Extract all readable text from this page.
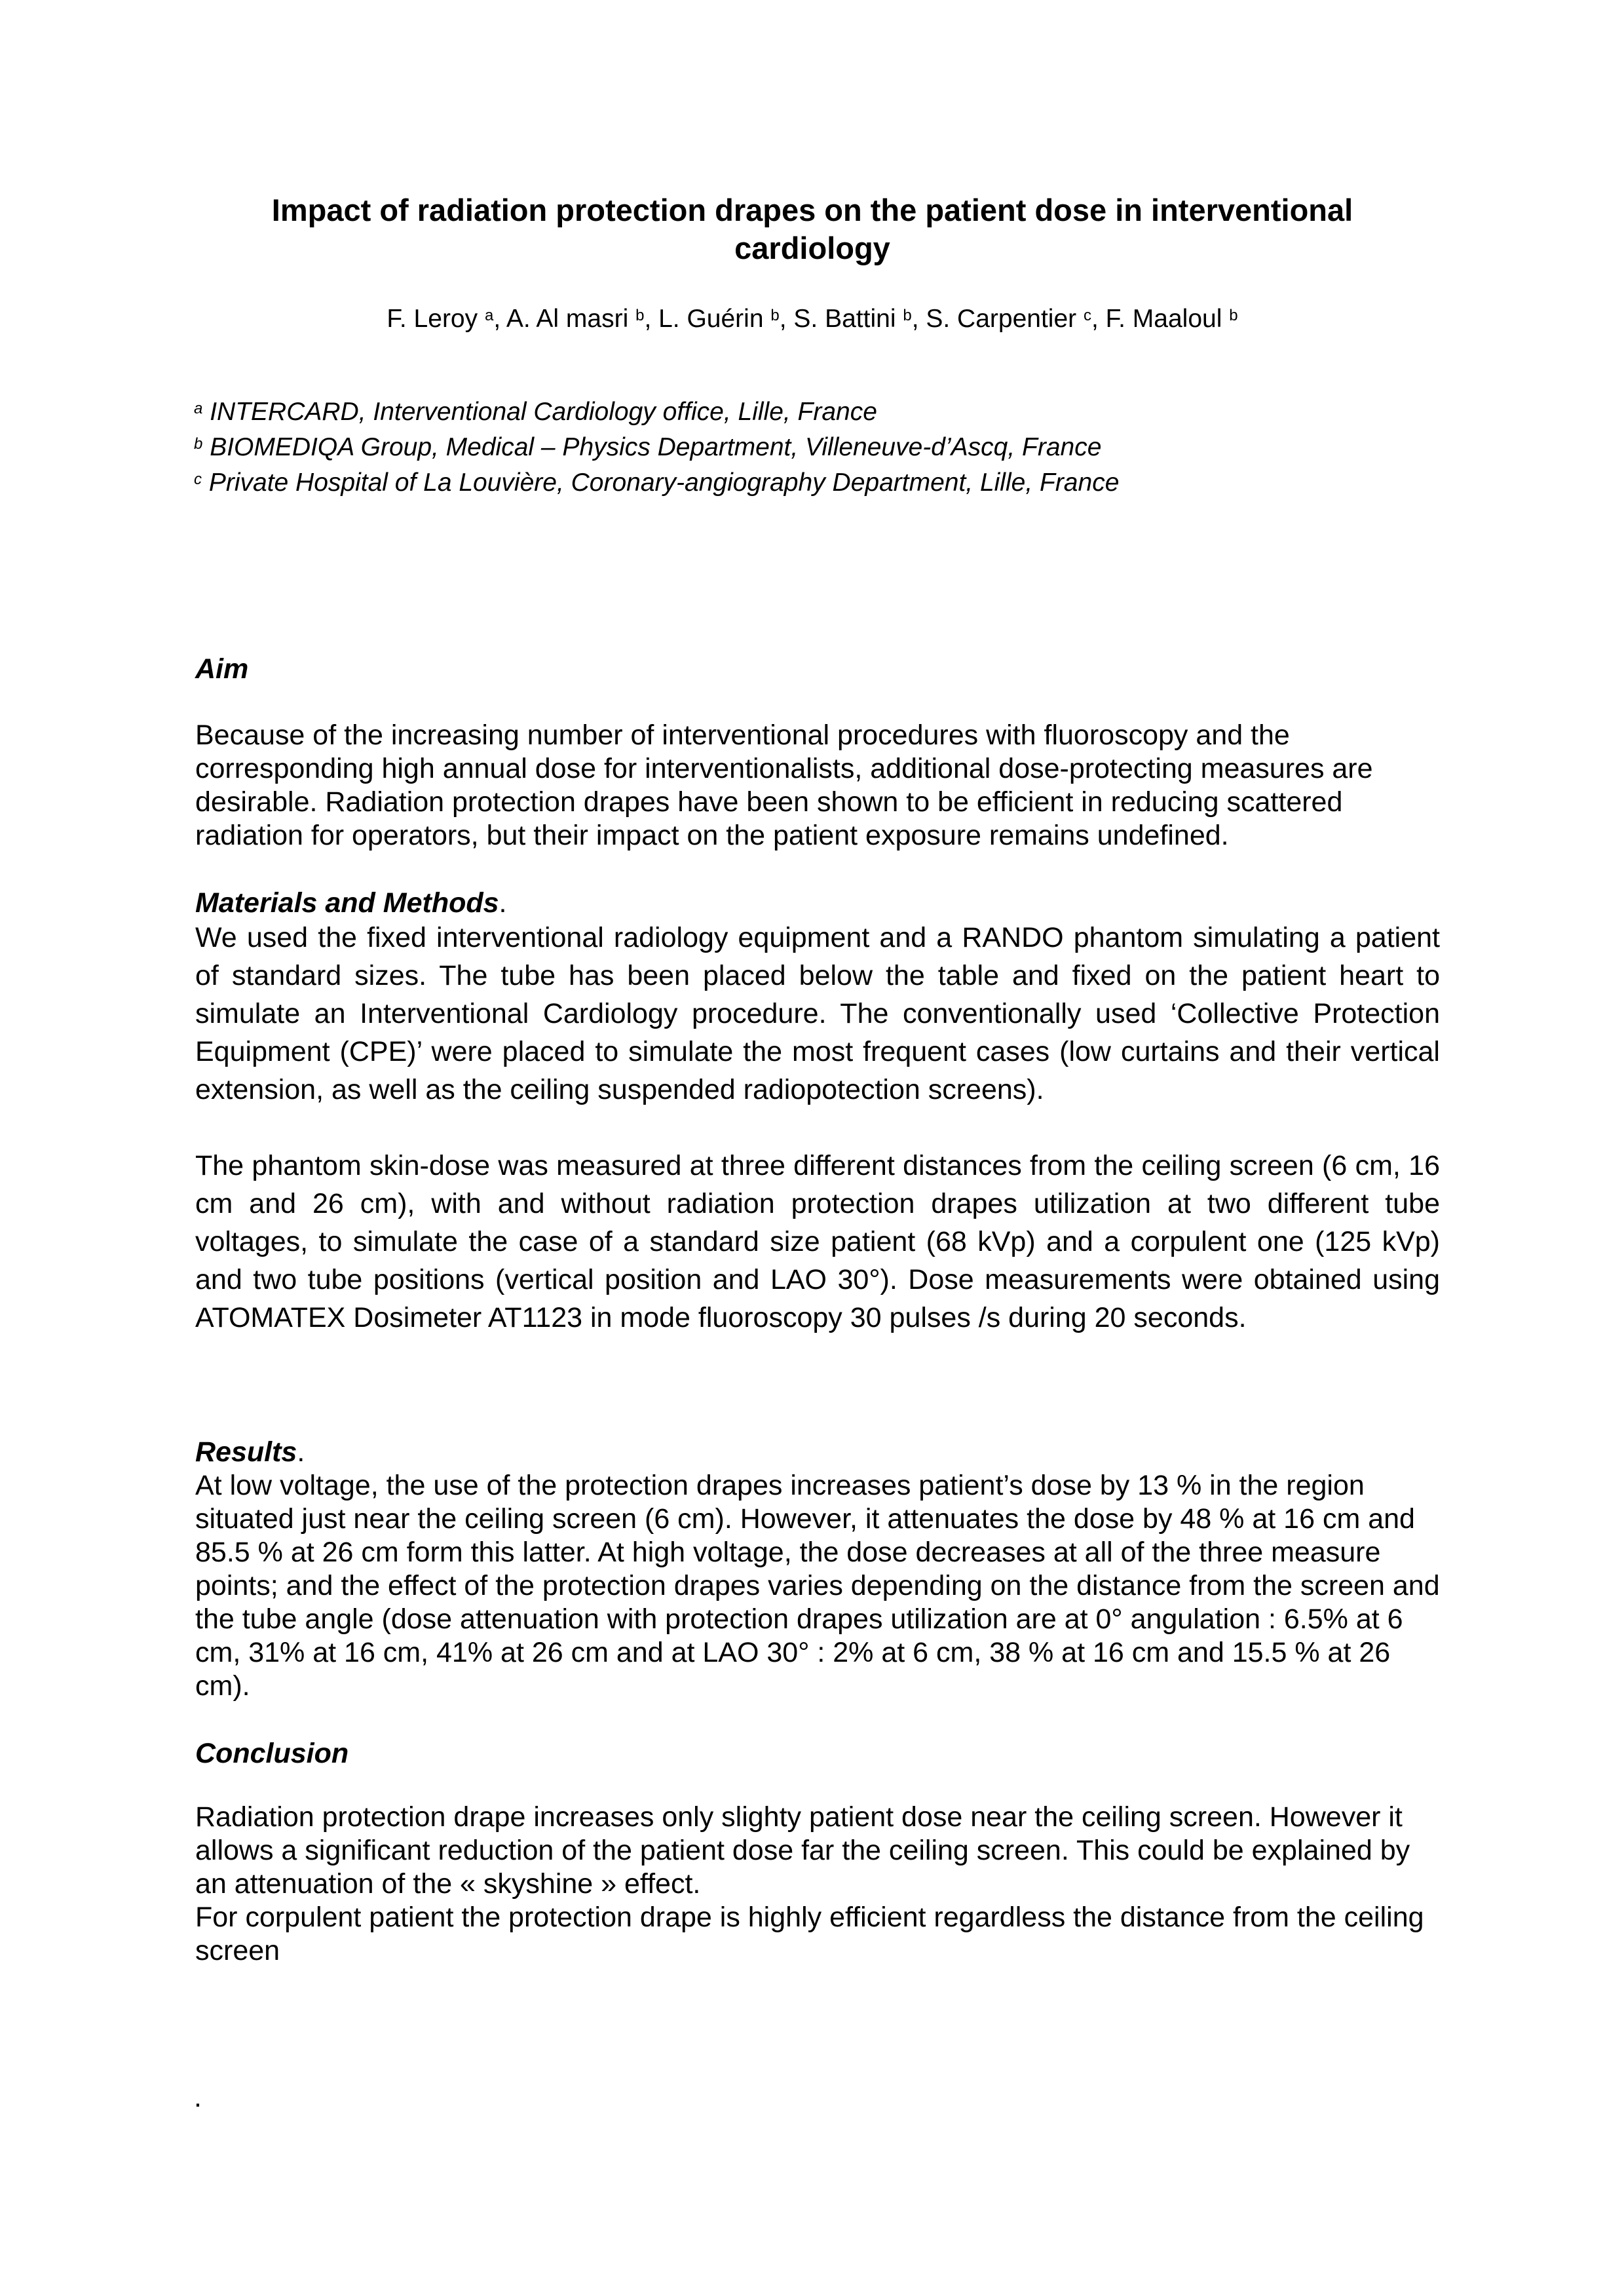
Impact of radiation protection drapes on the patient dose in interventional cardiology
F. Leroy $^a$, A. Al masri $^b$, L. Guérin $^b$, S. Battini $^b$, S. Carpentier $^c$, F. Maaloul $^b$
$^a$ INTERCARD, Interventional Cardiology office, Lille, France
$^b$ BIOMEDIQA Group, Medical – Physics Department, Villeneuve-d’Ascq, France
$^c$ Private Hospital of La Louvière, Coronary-angiography Department, Lille, France
Aim

Because of the increasing number of interventional procedures with fluoroscopy and the corresponding high annual dose for interventionalists, additional dose-protecting measures are desirable. Radiation protection drapes have been shown to be efficient in reducing scattered radiation for operators, but their impact on the patient exposure remains undefined.

Materials and Methods.

We used the fixed interventional radiology equipment and a RANDO phantom simulating a patient of standard sizes. The tube has been placed below the table and fixed on the patient heart to simulate an Interventional Cardiology procedure. The conventionally used ‘Collective Protection Equipment (CPE)’ were placed to simulate the most frequent cases (low curtains and their vertical extension, as well as the ceiling suspended radiopotection screens).

The phantom skin-dose was measured at three different distances from the ceiling screen (6 cm, 16 cm and 26 cm), with and without radiation protection drapes utilization at two different tube voltages, to simulate the case of a standard size patient (68 kVp) and a corpulent one (125 kVp) and two tube positions (vertical position and LAO 30°). Dose measurements were obtained using ATOMATEX Dosimeter AT1123 in mode fluoroscopy 30 pulses /s during 20 seconds.

Results.

At low voltage, the use of the protection drapes increases patient’s dose by 13 % in the region situated just near the ceiling screen (6 cm). However, it attenuates the dose by 48 % at 16 cm and 85.5 % at 26 cm form this latter. At high voltage, the dose decreases at all of the three measure points; and the effect of the protection drapes varies depending on the distance from the screen and the tube angle (dose attenuation with protection drapes utilization are at 0° angulation : 6.5% at 6 cm, 31% at 16 cm, 41% at 26 cm and at LAO 30° : 2% at 6 cm, 38 % at 16 cm and 15.5 % at 26 cm).

Conclusion

Radiation protection drape increases only slighty patient dose near the ceiling screen. However it allows a significant reduction of the patient dose far the ceiling screen. This could be explained by an attenuation of the « skyshine » effect.

For corpulent patient the protection drape is highly efficient regardless the distance from the ceiling screen

.
